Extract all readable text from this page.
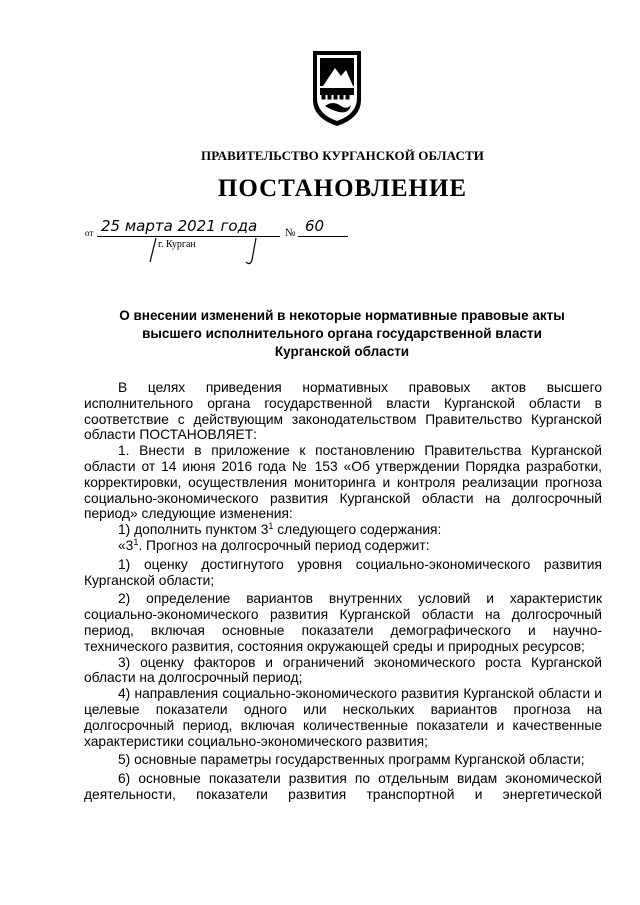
ПРАВИТЕЛЬСТВО КУРГАНСКОЙ ОБЛАСТИ
ПОСТАНОВЛЕНИЕ
от 25 марта 2021 года	№ 60
г. Курган
О внесении изменений в некоторые нормативные правовые акты
высшего исполнительного органа государственной власти
Курганской области

В целях приведения нормативных правовых актов высшего исполнительного органа государственной власти Курганской области в соответствие с действующим законодательством Правительство Курганской области ПОСТАНОВЛЯЕТ:

1. Внести в приложение к постановлению Правительства Курганской области от 14 июня 2016 года № 153 «Об утверждении Порядка разработки, корректировки, осуществления мониторинга и контроля реализации прогноза социально-экономического развития Курганской области на долгосрочный период» следующие изменения:

1) дополнить пунктом $3^1$ следующего содержания:

«$3^1$. Прогноз на долгосрочный период содержит:

1) оценку достигнутого уровня социально-экономического развития Курганской области;

2) определение вариантов внутренних условий и характеристик социально-экономического развития Курганской области на долгосрочный период, включая основные показатели демографического и научно-технического развития, состояния окружающей среды и природных ресурсов;

3) оценку факторов и ограничений экономического роста Курганской области на долгосрочный период;

4) направления социально-экономического развития Курганской области и целевые показатели одного или нескольких вариантов прогноза на долгосрочный период, включая количественные показатели и качественные характеристики социально-экономического развития;

5) основные параметры государственных программ Курганской области;

6) основные показатели развития по отдельным видам экономической деятельности, показатели развития транспортной и энергетической
